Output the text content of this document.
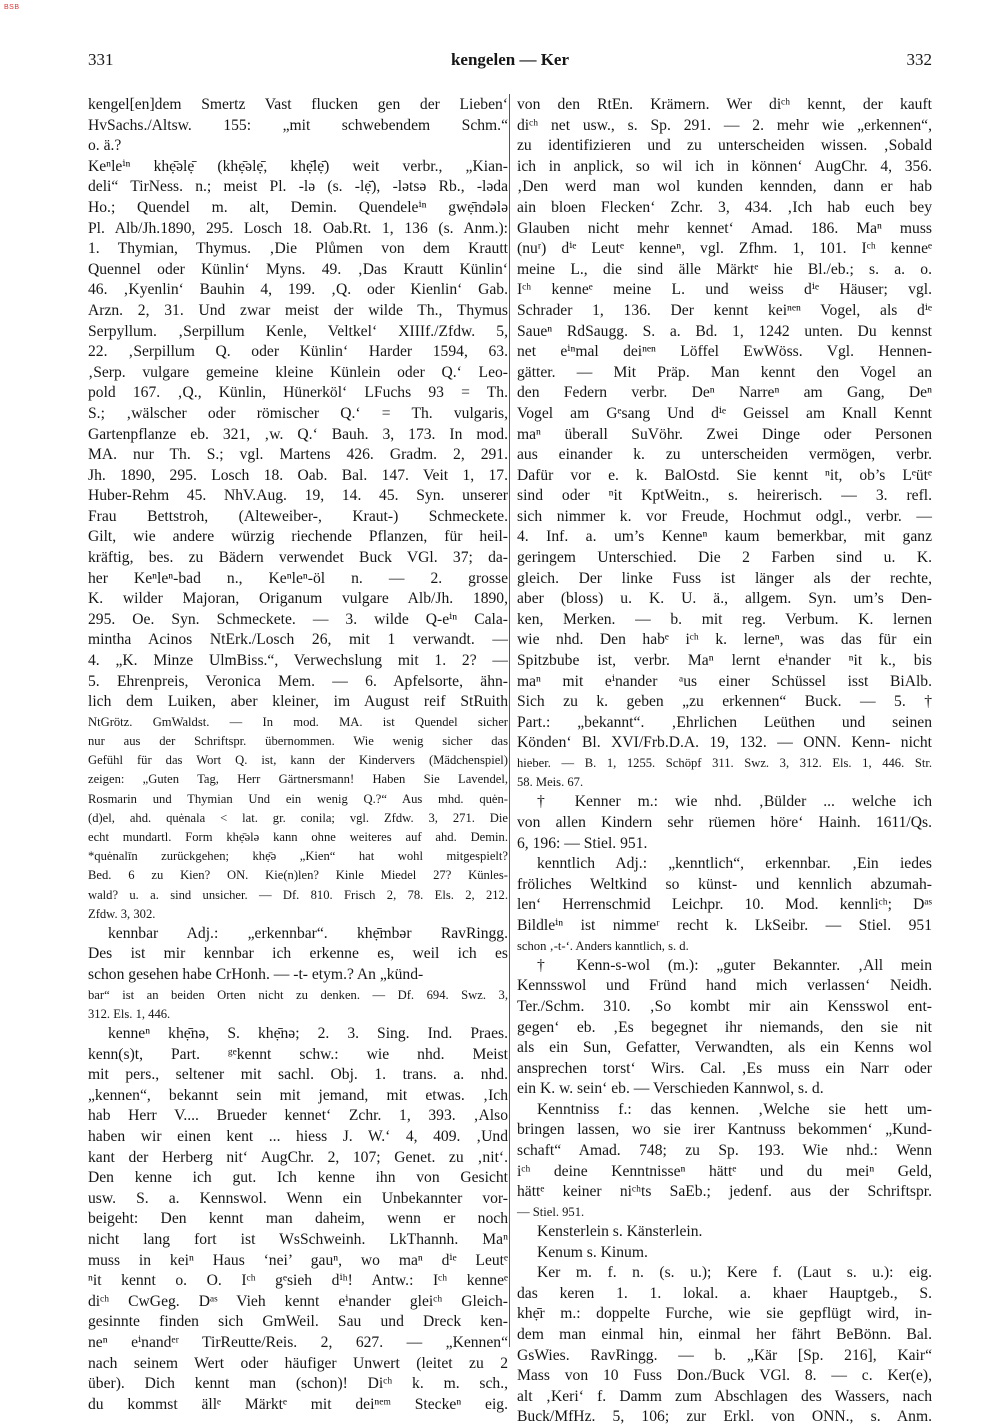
BSB
331	kengelen — Ker	332
kengel[en]dem Smertz Vast flucken gen der Lieben‘
HvSachs./Altsw. 155: „mit schwebendem Schm.“
o. ä.?
Keⁿleⁱⁿ khẹ̄əlẹ̄ (khẹ̄əlẹ̄, khẹ̄lẹ̄) weit verbr., „Kian-
deli“ TirNess. n.; meist Pl. -lə (s. -lẹ̄), -lətsə Rb., -ləda
Ho.; Quendel m. alt, Demin. Quendeleⁱⁿ gwẹ̄ndələ
Pl. Alb/Jh.1890, 295. Losch 18. Oab.Rt. 1, 136 (s. Anm.):
1. Thymian, Thymus. ‚Die Plůmen von dem Krautt
Quennel oder Künlin‘ Myns. 49. ‚Das Krautt Künlin‘
46. ‚Kyenlin‘ Bauhin 4, 199. ‚Q. oder Kienlin‘ Gab.
Arzn. 2, 31. Und zwar meist der wilde Th., Thymus
Serpyllum. ‚Serpillum Kenle, Veltkel‘ XIIIf./Zfdw. 5,
22. ‚Serpillum Q. oder Künlin‘ Harder 1594, 63.
‚Serp. vulgare gemeine kleine Künlein oder Q.‘ Leo-
pold 167. ‚Q., Künlin, Hünerköl‘ LFuchs 93 = Th.
S.; ‚wälscher oder römischer Q.‘ = Th. vulgaris,
Gartenpflanze eb. 321, ‚w. Q.‘ Bauh. 3, 173. In mod.
MA. nur Th. S.; vgl. Martens 426. Gradm. 2, 291.
Jh. 1890, 295. Losch 18. Oab. Bal. 147. Veit 1, 17.
Huber-Rehm 45. NhV.Aug. 19, 14. 45. Syn. unserer
Frau Bettstroh, (Alteweiber-, Kraut-) Schmeckete.
Gilt, wie andere würzig riechende Pflanzen, für heil-
kräftig, bes. zu Bädern verwendet Buck VGl. 37; da-
her Keⁿleⁿ-bad n., Keⁿleⁿ-öl n. — 2. grosse
K. wilder Majoran, Origanum vulgare Alb/Jh. 1890,
295. Oe. Syn. Schmeckete. — 3. wilde Q-eⁱⁿ Cala-
mintha Acinos NtErk./Losch 26, mit 1 verwandt. —
4. „K. Minze UlmBiss.“, Verwechslung mit 1. 2? —
5. Ehrenpreis, Veronica Mem. — 6. Apfelsorte, ähn-
lich dem Luiken, aber kleiner, im August reif StRuith
NtGrötz. GmWaldst. — In mod. MA. ist Quendel sicher
nur aus der Schriftspr. übernommen. Wie wenig sicher das
Gefühl für das Wort Q. ist, kann der Kindervers (Mädchenspiel)
zeigen: „Guten Tag, Herr Gärtnersmann! Haben Sie Lavendel,
Rosmarin und Thymian Und ein wenig Q.?“ Aus mhd. quėn-
(d)el, ahd. quėnala < lat. gr. conila; vgl. Zfdw. 3, 271. Die
echt mundartl. Form khẹ̄əlǝ kann ohne weiteres auf ahd. Demin.
*quėnalīn zurückgehen; khẹ̄ə „Kien“ hat wohl mitgespielt?
Bed. 6 zu Kien? ON. Kie(n)len? Kinle Miedel 27? Künles-
wald? u. a. sind unsicher. — Df. 810. Frisch 2, 78. Els. 2, 212.
Zfdw. 3, 302.
kennbar Adj.: „erkennbar“. khẹ̄mbər RavRingg.
Des ist mir kennbar ich erkenne es, weil ich es
schon gesehen habe CrHonh. — -t- etym.? An „künd-
bar“ ist an beiden Orten nicht zu denken. — Df. 694. Swz. 3,
312. Els. 1, 446.
kenneⁿ khẹ̄nə, S. khẹ̄nə; 2. 3. Sing. Ind. Praes.
kenn(s)t, Part. ᵍᵉkennt schw.: wie nhd. Meist
mit pers., seltener mit sachl. Obj. 1. trans. a. nhd.
„kennen“, bekannt sein mit jemand, mit etwas. ‚Ich
hab Herr V.... Brueder kennet‘ Zchr. 1, 393. ‚Also
haben wir einen kent ... hiess J. W.‘ 4, 409. ‚Und
kant der Herberg nit‘ AugChr. 2, 107; Genet. zu ‚nit‘.
Den kenne ich gut. Ich kenne ihn von Gesicht
usw. S. a. Kennswol. Wenn ein Unbekannter vor-
beigeht: Den kennt man daheim, wenn er noch
nicht lang fort ist WsSchweinh. LkThannh. Maⁿ
muss in keiⁿ Haus ‘nei’ gauⁿ, wo maⁿ dⁱᵉ Leutᵉ
ⁿit kennt o. O. Iᶜʰ gᵉsieh dⁱʰ! Antw.: Iᶜʰ kenneᵉ
diᶜʰ CwGeg. Dᵃˢ Vieh kennt eⁱnander gleiᶜʰ Gleich-
gesinnte finden sich GmWeil. Sau und Dreck ken-
neⁿ eⁱnandᵉʳ TirReutte/Reis. 2, 627. — „Kennen“
nach seinem Wert oder häufiger Unwert (leitet zu 2
über). Dich kennt man (schon)! Diᶜʰ k. m. sch.,
du kommst ällᵉ Märktᵉ mit deiⁿᵉᵐ Steckeⁿ eig.
von den RtEn. Krämern. Wer diᶜʰ kennt, der kauft
diᶜʰ net usw., s. Sp. 291. — 2. mehr wie „erkennen“,
zu identifizieren und zu unterscheiden wissen. ‚Sobald
ich in anplick, so wil ich in können‘ AugChr. 4, 356.
‚Den werd man wol kunden kennden, dann er hab
ain bloen Flecken‘ Zchr. 3, 434. ‚Ich hab euch bey
Glauben nicht mehr kennet‘ Amad. 186. Maⁿ muss
(nuʳ) dⁱᵉ Leutᵉ kenneⁿ, vgl. Zfhm. 1, 101. Iᶜʰ kenneᵉ
meine L., die sind älle Märktᵉ hie Bl./eb.; s. a. o.
Iᶜʰ kenneᵉ meine L. und weiss dⁱᵉ Häuser; vgl.
Schrader 1, 136. Der kennt keiⁿᵉⁿ Vogel, als dⁱᵉ
Saueⁿ RdSaugg. S. a. Bd. 1, 1242 unten. Du kennst
net eⁱⁿmal deiⁿᵉⁿ Löffel EwWöss. Vgl. Hennen-
gätter. — Mit Präp. Man kennt den Vogel an
den Federn verbr. Deⁿ Narreⁿ am Gang, Deⁿ
Vogel am Gᵉsang Und dⁱᵉ Geissel am Knall Kennt
maⁿ überall SuVöhr. Zwei Dinge oder Personen
aus einander k. zu unterscheiden vermögen, verbr.
Dafür vor e. k. BalOstd. Sie kennt ⁿit, ob’s Lᵉütᵉ
sind oder ⁿit KptWeitn., s. heirerisch. — 3. refl.
sich nimmer k. vor Freude, Hochmut odgl., verbr. —
4. Inf. a. um’s Kenneⁿ kaum bemerkbar, mit ganz
geringem Unterschied. Die 2 Farben sind u. K.
gleich. Der linke Fuss ist länger als der rechte,
aber (bloss) u. K. U. ä., allgem. Syn. um’s Den-
ken, Merken. — b. mit reg. Verbum. K. lernen
wie nhd. Den habᵉ iᶜʰ k. lerneⁿ, was das für ein
Spitzbube ist, verbr. Maⁿ lernt eⁱnander ⁿit k., bis
maⁿ mit eⁱnander ᵃus einer Schüssel isst BiAlb.
Sich zu k. geben „zu erkennen“ Buck. — 5. †
Part.: „bekannt“. ‚Ehrlichen Leüthen und seinen
Könden‘ Bl. XVI/Frb.D.A. 19, 132. — ONN. Kenn- nicht
hieber. — B. 1, 1255. Schöpf 311. Swz. 3, 312. Els. 1, 446. Str.
58. Meis. 67.
† Kenner m.: wie nhd. ‚Bülder ... welche ich
von allen Kindern sehr rüemen höre‘ Hainh. 1611/Qs.
6, 196: — Stiel. 951.
kenntlich Adj.: „kenntlich“, erkennbar. ‚Ein iedes
fröliches Weltkind so künst- und kennlich abzumah-
len‘ Herrenschmid Leichpr. 10. Mod. kennliᶜʰ; Dᵃˢ
Bildleⁱⁿ ist nimmeʳ recht k. LkSeibr. — Stiel. 951
schon ‚-t-‘. Anders kanntlich, s. d.
† Kenn-s-wol (m.): „guter Bekannter. ‚All mein
Kennsswol und Fründ hand mich verlassen‘ Neidh.
Ter./Schm. 310. ‚So kombt mir ain Kensswol ent-
gegen‘ eb. ‚Es begegnet ihr niemands, den sie nit
als ein Sun, Gefatter, Verwandten, als ein Kenns wol
ansprechen torst‘ Wirs. Cal. ‚Es muss ein Narr oder
ein K. w. sein‘ eb. — Verschieden Kannwol, s. d.
Kenntniss f.: das kennen. ‚Welche sie hett um-
bringen lassen, wo sie irer Kantnuss bekommen‘ „Kund-
schaft“ Amad. 748; zu Sp. 193. Wie nhd.: Wenn
iᶜʰ deine Kenntnisseⁿ hättᵉ und du meiⁿ Geld,
hättᵉ keiner niᶜʰts SaEb.; jedenf. aus der Schriftspr.
— Stiel. 951.
Kensterlein s. Känsterlein.
Kenum s. Kinum.
Ker m. f. n. (s. u.); Kere f. (Laut s. u.): eig.
das keren 1. 1. lokal. a. khaer Hauptgeb., S.
khẹ̄r m.: doppelte Furche, wie sie gepflügt wird, in-
dem man einmal hin, einmal her fährt BeBönn. Bal.
GsWies. RavRingg. — b. „Kär [Sp. 216], Kair“
Mass von 10 Fuss Don./Buck VGl. 8. — c. Ker(e),
alt ‚Keri‘ f. Damm zum Abschlagen des Wassers, nach
Buck/MfHz. 5, 106; zur Erkl. von ONN., s. Anm.
